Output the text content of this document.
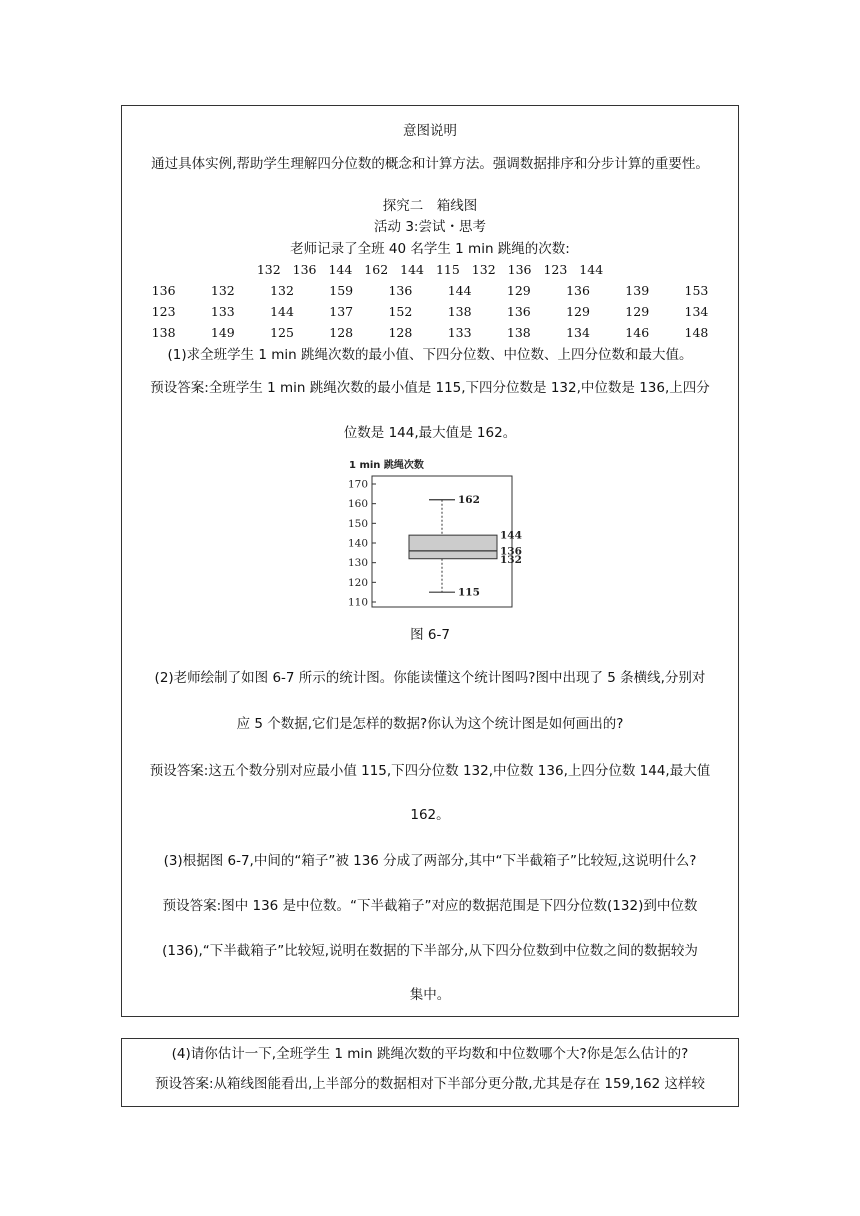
意图说明
通过具体实例,帮助学生理解四分位数的概念和计算方法。强调数据排序和分步计算的重要性。
探究二　箱线图
活动 3:尝试・思考
老师记录了全班 40 名学生 1 min 跳绳的次数:
132 136 144 162 144 115 132 136 123 144
136	132	132	159	136	144	129	136	139	153
123	133	144	137	152	138	136	129	129	134
138	149	125	128	128	133	138	134	146	148
(1)求全班学生 1 min 跳绳次数的最小值、下四分位数、中位数、上四分位数和最大值。
预设答案:全班学生 1 min 跳绳次数的最小值是 115,下四分位数是 132,中位数是 136,上四分
位数是 144,最大值是 162。
1 min 跳绳次数
110
120
130
140
150
160
170
162
144
136
132
115
图 6-7
(2)老师绘制了如图 6-7 所示的统计图。你能读懂这个统计图吗?图中出现了 5 条横线,分别对
应 5 个数据,它们是怎样的数据?你认为这个统计图是如何画出的?
预设答案:这五个数分别对应最小值 115,下四分位数 132,中位数 136,上四分位数 144,最大值
162。
(3)根据图 6-7,中间的“箱子”被 136 分成了两部分,其中“下半截箱子”比较短,这说明什么?
预设答案:图中 136 是中位数。“下半截箱子”对应的数据范围是下四分位数(132)到中位数
(136),“下半截箱子”比较短,说明在数据的下半部分,从下四分位数到中位数之间的数据较为
集中。
(4)请你估计一下,全班学生 1 min 跳绳次数的平均数和中位数哪个大?你是怎么估计的?
预设答案:从箱线图能看出,上半部分的数据相对下半部分更分散,尤其是存在 159,162 这样较
